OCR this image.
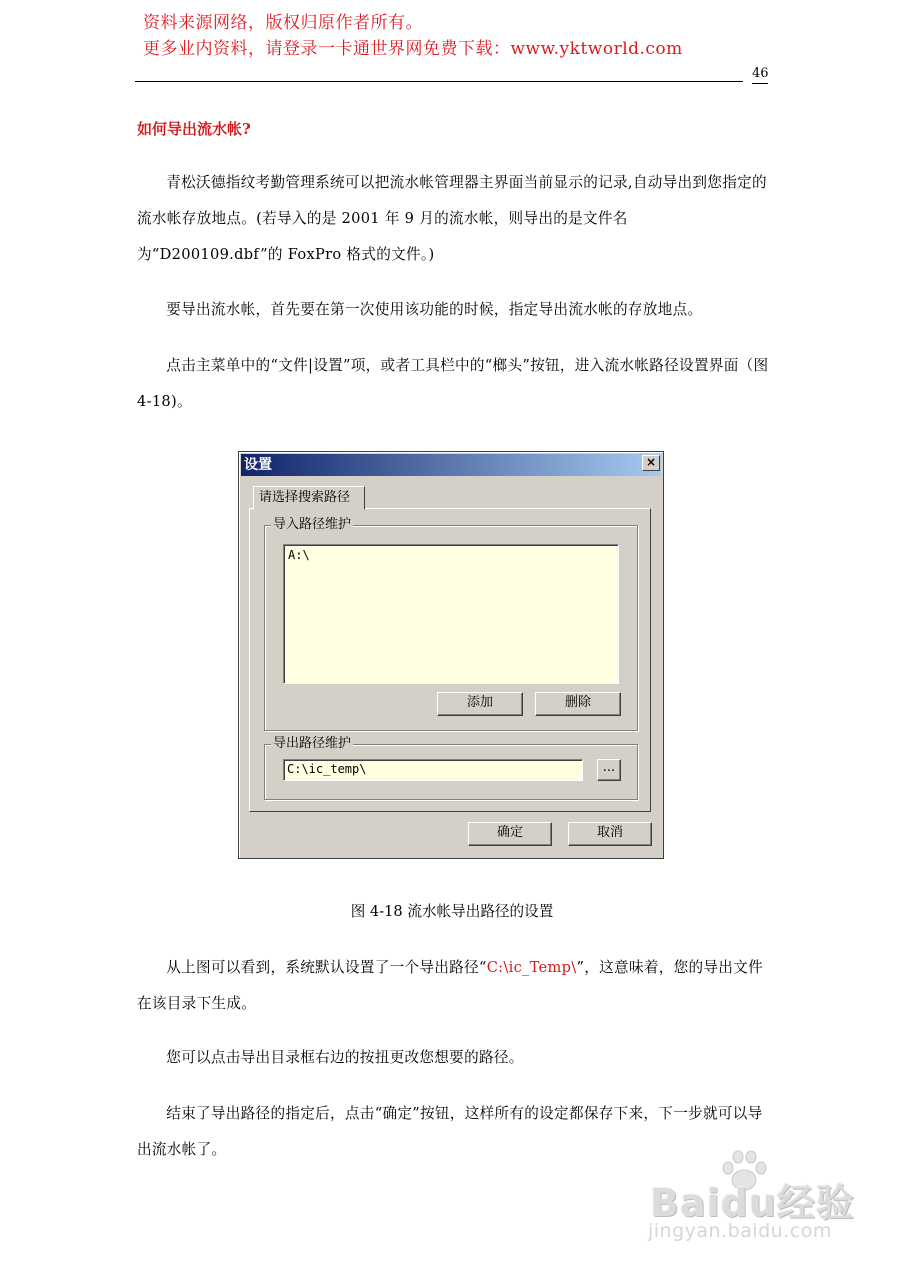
资料来源网络，版权归原作者所有。
更多业内资料，请登录一卡通世界网免费下载：www.yktworld.com
46
如何导出流水帐?

青松沃德指纹考勤管理系统可以把流水帐管理器主界面当前显示的记录,自动导出到您指定的流水帐存放地点。(若导入的是 2001 年 9 月的流水帐，则导出的是文件名为“D200109.dbf”的 FoxPro 格式的文件。)

要导出流水帐，首先要在第一次使用该功能的时候，指定导出流水帐的存放地点。

点击主菜单中的“文件|设置”项，或者工具栏中的“榔头”按钮，进入流水帐路径设置界面（图 4-18)。

设置	×
请选择搜索路径
导入路径维护
A:\
添加	删除
导出路径维护
C:\ic_temp\	...
确定	取消
图 4-18 流水帐导出路径的设置

从上图可以看到，系统默认设置了一个导出路径“C:\ic_Temp\”，这意味着，您的导出文件在该目录下生成。

您可以点击导出目录框右边的按扭更改您想要的路径。

结束了导出路径的指定后，点击“确定”按钮，这样所有的设定都保存下来，下一步就可以导出流水帐了。

Baidu经验
jingyan.baidu.com
